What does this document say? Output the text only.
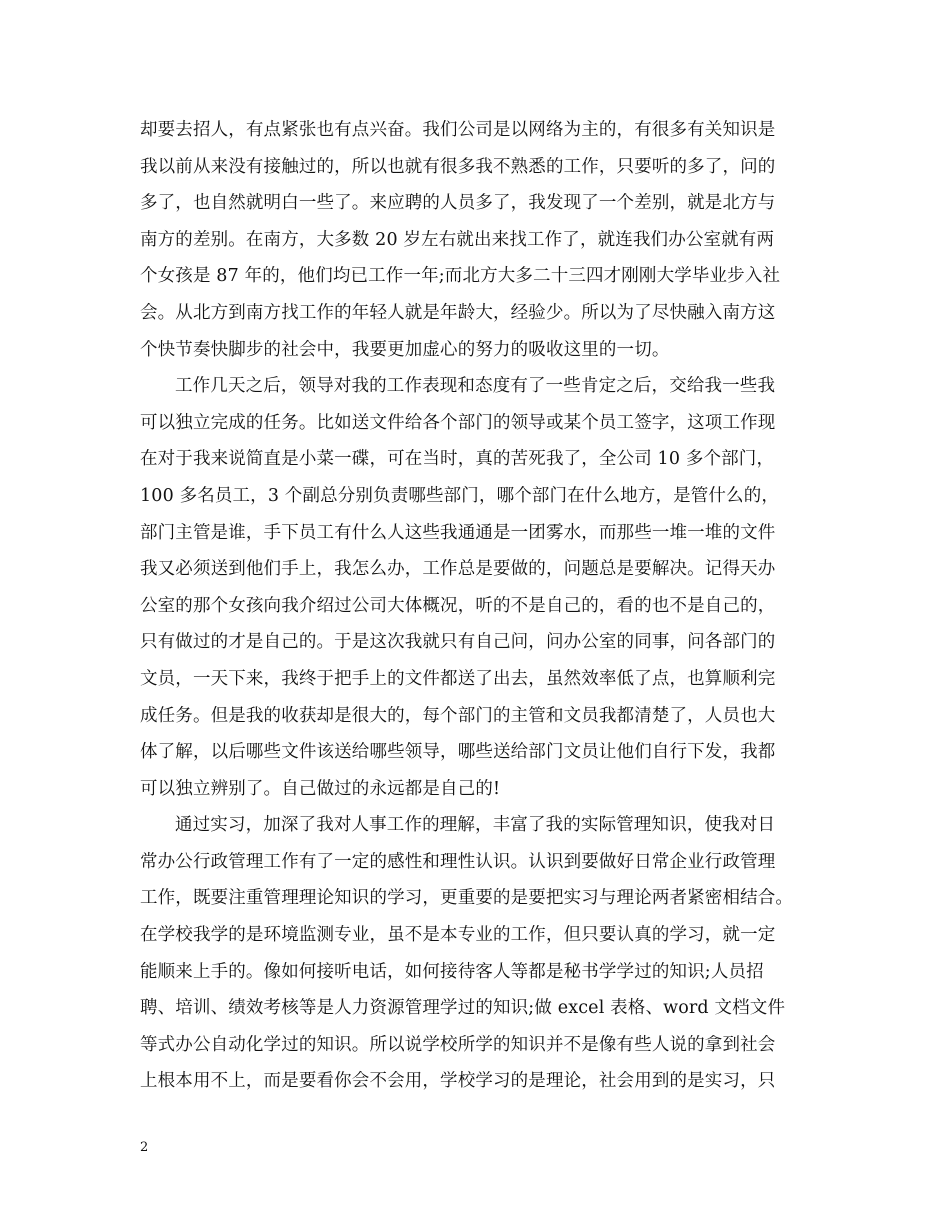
却要去招人，有点紧张也有点兴奋。我们公司是以网络为主的，有很多有关知识是
我以前从来没有接触过的，所以也就有很多我不熟悉的工作，只要听的多了，问的
多了，也自然就明白一些了。来应聘的人员多了，我发现了一个差别，就是北方与
南方的差别。在南方，大多数 20 岁左右就出来找工作了，就连我们办公室就有两
个女孩是 87 年的，他们均已工作一年;而北方大多二十三四才刚刚大学毕业步入社
会。从北方到南方找工作的年轻人就是年龄大，经验少。所以为了尽快融入南方这
个快节奏快脚步的社会中，我要更加虚心的努力的吸收这里的一切。
工作几天之后，领导对我的工作表现和态度有了一些肯定之后，交给我一些我
可以独立完成的任务。比如送文件给各个部门的领导或某个员工签字，这项工作现
在对于我来说简直是小菜一碟，可在当时，真的苦死我了，全公司 10 多个部门，
100 多名员工，3 个副总分别负责哪些部门，哪个部门在什么地方，是管什么的，
部门主管是谁，手下员工有什么人这些我通通是一团雾水，而那些一堆一堆的文件
我又必须送到他们手上，我怎么办，工作总是要做的，问题总是要解决。记得天办
公室的那个女孩向我介绍过公司大体概况，听的不是自己的，看的也不是自己的，
只有做过的才是自己的。于是这次我就只有自己问，问办公室的同事，问各部门的
文员，一天下来，我终于把手上的文件都送了出去，虽然效率低了点，也算顺利完
成任务。但是我的收获却是很大的，每个部门的主管和文员我都清楚了，人员也大
体了解，以后哪些文件该送给哪些领导，哪些送给部门文员让他们自行下发，我都
可以独立辨别了。自己做过的永远都是自己的!
通过实习，加深了我对人事工作的理解，丰富了我的实际管理知识，使我对日
常办公行政管理工作有了一定的感性和理性认识。认识到要做好日常企业行政管理
工作，既要注重管理理论知识的学习，更重要的是要把实习与理论两者紧密相结合。
在学校我学的是环境监测专业，虽不是本专业的工作，但只要认真的学习，就一定
能顺来上手的。像如何接听电话，如何接待客人等都是秘书学学过的知识;人员招
聘、培训、绩效考核等是人力资源管理学过的知识;做 excel 表格、word 文档文件
等式办公自动化学过的知识。所以说学校所学的知识并不是像有些人说的拿到社会
上根本用不上，而是要看你会不会用，学校学习的是理论，社会用到的是实习，只
2
